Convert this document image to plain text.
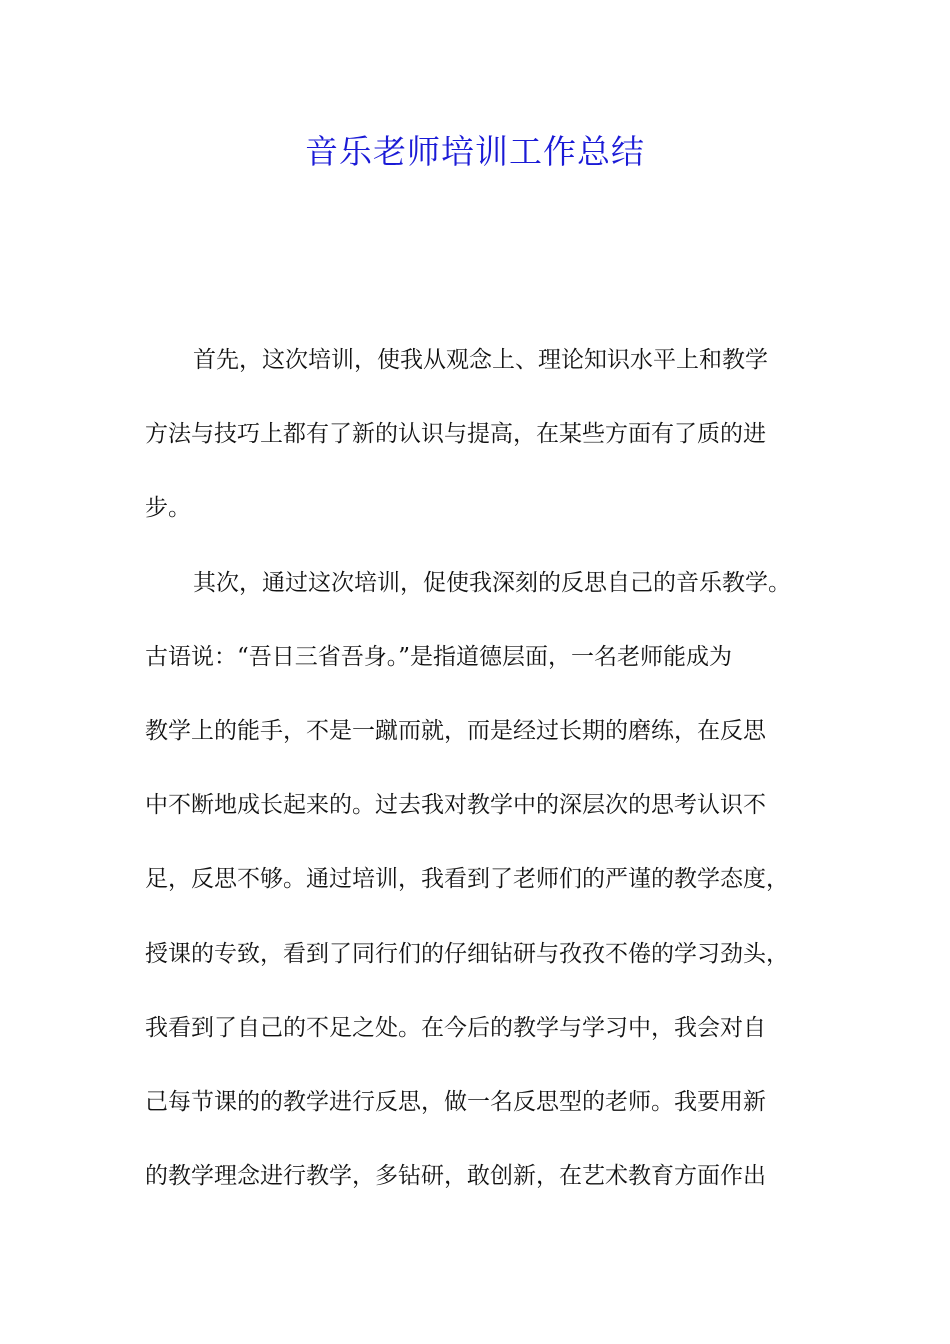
音乐老师培训工作总结
首先，这次培训，使我从观念上、理论知识水平上和教学
方法与技巧上都有了新的认识与提高，在某些方面有了质的进
步。
其次，通过这次培训，促使我深刻的反思自己的音乐教学。
古语说：“吾日三省吾身。”是指道德层面，一名老师能成为
教学上的能手，不是一蹴而就，而是经过长期的磨练，在反思
中不断地成长起来的。过去我对教学中的深层次的思考认识不
足，反思不够。通过培训，我看到了老师们的严谨的教学态度，
授课的专致，看到了同行们的仔细钻研与孜孜不倦的学习劲头，
我看到了自己的不足之处。在今后的教学与学习中，我会对自
己每节课的的教学进行反思，做一名反思型的老师。我要用新
的教学理念进行教学，多钻研，敢创新，在艺术教育方面作出
